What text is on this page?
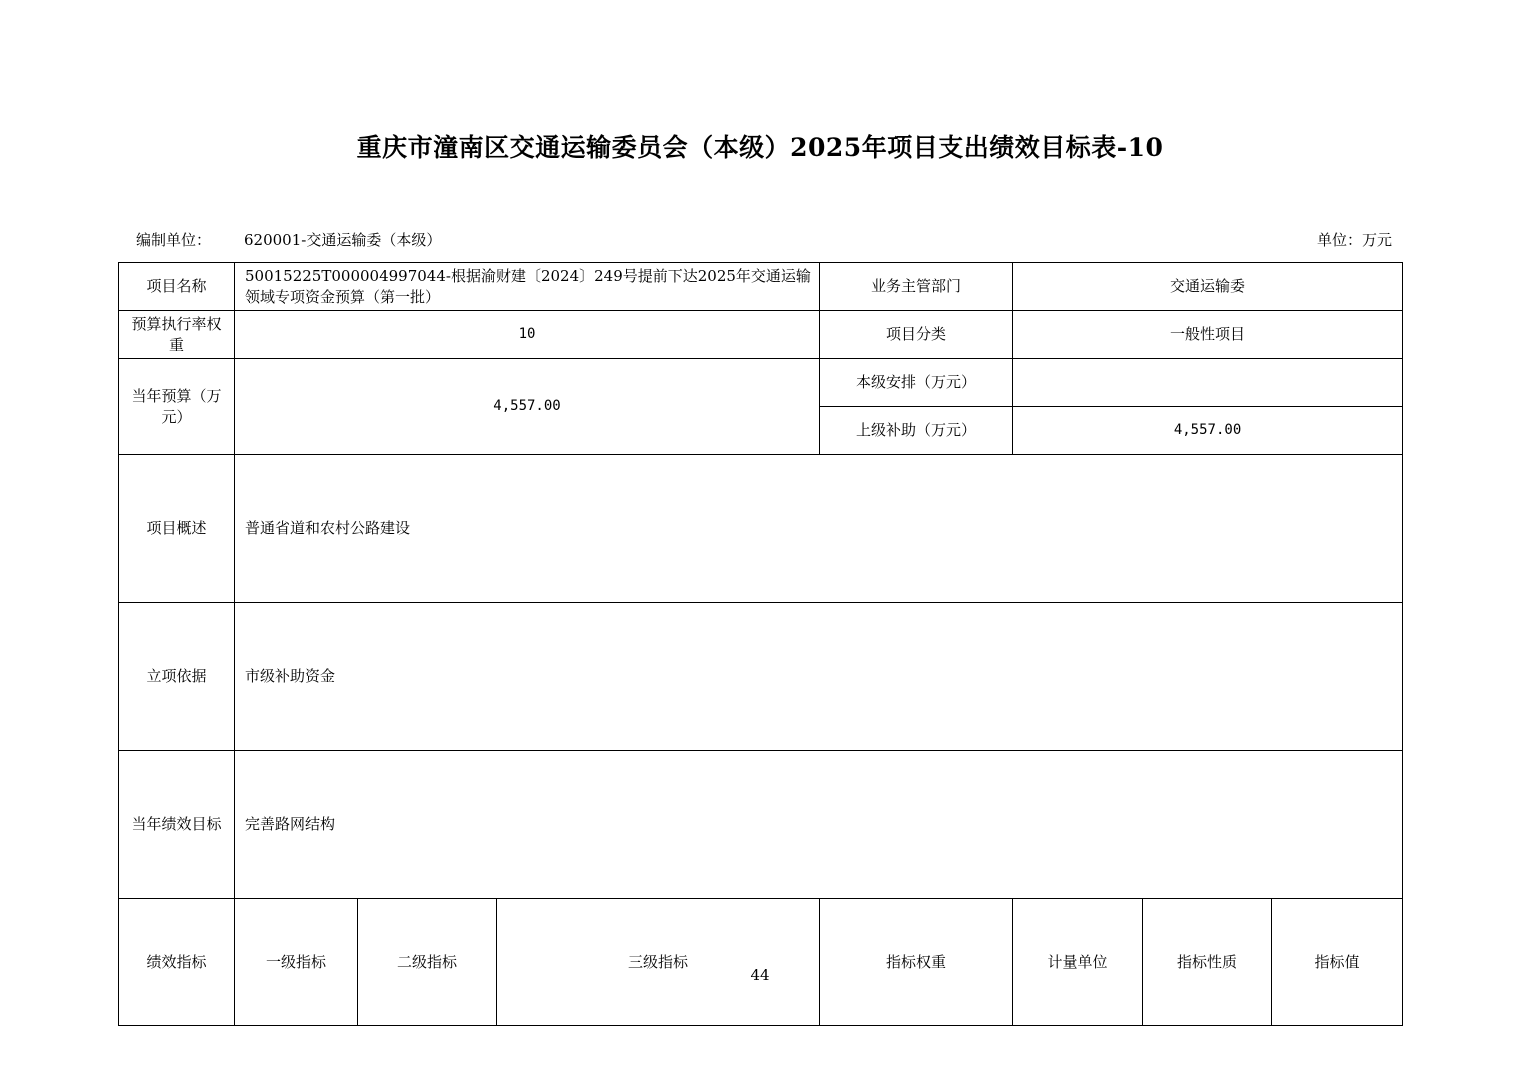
重庆市潼南区交通运输委员会（本级）2025年项目支出绩效目标表-10
编制单位： 620001-交通运输委（本级）	单位：万元
项目名称	50015225T000004997044-根据渝财建〔2024〕249号提前下达2025年交通运输领域专项资金预算（第一批）			业务主管部门	交通运输委			
预算执行率权重	10			项目分类	一般性项目			
当年预算（万元）	4,557.00			本级安排（万元）				
				上级补助（万元）	4,557.00			
项目概述	普通省道和农村公路建设							
立项依据	市级补助资金							
当年绩效目标	完善路网结构							
绩效指标	一级指标	二级指标	三级指标	指标权重	计量单位	指标性质	指标值	
44
